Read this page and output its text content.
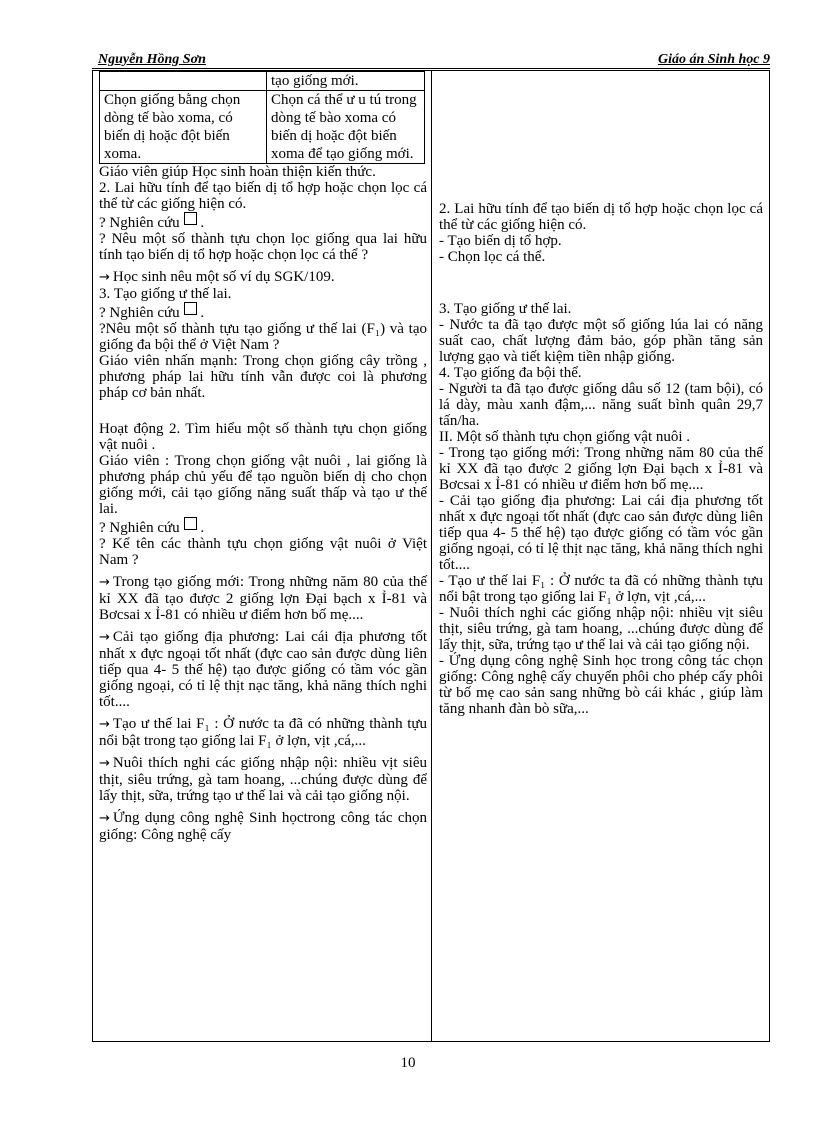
Nguyễn Hồng Sơn	Giáo án Sinh học 9
	tạo giống mới.
Chọn giống bằng chọn dòng tế bào xoma, có biến dị hoặc đột biến xoma.	Chọn cá thể ư u tú trong dòng tế bào xoma có biến dị hoặc đột biến xoma để tạo giống mới.

Giáo viên giúp Học sinh hoàn thiện kiến thức.

2. Lai hữu tính để tạo biến dị tổ hợp hoặc chọn lọc cá thể từ các giống hiện có.

? Nghiên cứu .

? Nêu một số thành tựu chọn lọc giống qua lai hữu tính tạo biến dị tổ hợp hoặc chọn lọc cá thể ?

→ Học sinh nêu một số ví dụ SGK/109.

3. Tạo giống ư thế lai.

? Nghiên cứu .

?Nêu một số thành tựu tạo giống ư thế lai (F₁) và tạo giống đa bội thể ở Việt Nam ?

Giáo viên nhấn mạnh: Trong chọn giống cây trồng , phương pháp lai hữu tính vẫn được coi là phương pháp cơ bản nhất.

Hoạt động 2. Tìm hiểu một số thành tựu chọn giống vật nuôi .

Giáo viên : Trong chọn giống vật nuôi , lai giống là phương pháp chủ yếu để tạo nguồn biến dị cho chọn giống mới, cải tạo giống năng suất thấp và tạo ư thế lai.

? Nghiên cứu .

? Kể tên các thành tựu chọn giống vật nuôi ở Việt Nam ?

→ Trong tạo giống mới: Trong những năm 80 của thế kỉ XX đã tạo được 2 giống lợn Đại bạch x Ỉ-81 và Bơcsai x Ỉ-81 có nhiều ư điểm hơn bố mẹ....

→ Cải tạo giống địa phương: Lai cái địa phương tốt nhất x đực ngoại tốt nhất (đực cao sản được dùng liên tiếp qua 4- 5 thế hệ) tạo được giống có tầm vóc gần giống ngoại, có tỉ lệ thịt nạc tăng, khả năng thích nghi tốt....

→ Tạo ư thế lai F₁ : Ở nước ta đã có những thành tựu nổi bật trong tạo giống lai F₁ ở lợn, vịt ,cá,...

→ Nuôi thích nghi các giống nhập nội: nhiều vịt siêu thịt, siêu trứng, gà tam hoang, ...chúng được dùng để lấy thịt, sữa, trứng tạo ư thế lai và cải tạo giống nội.

→ Ứng dụng công nghệ Sinh họctrong công tác chọn giống: Công nghệ cấy

2. Lai hữu tính để tạo biến dị tổ hợp hoặc chọn lọc cá thể từ các giống hiện có.

- Tạo biến dị tổ hợp.

- Chọn lọc cá thể.

3. Tạo giống ư thế lai.

- Nước ta đã tạo được một số giống lúa lai có năng suất cao, chất lượng đảm bảo, góp phần tăng sản lượng gạo và tiết kiệm tiền nhập giống.

4. Tạo giống đa bội thể.

- Người ta đã tạo được giống dâu số 12 (tam bội), có lá dày, màu xanh đậm,... năng suất bình quân 29,7 tấn/ha.

II. Một số thành tựu chọn giống vật nuôi .

- Trong tạo giống mới: Trong những năm 80 của thế kỉ XX đã tạo được 2 giống lợn Đại bạch x Ỉ-81 và Bơcsai x Ỉ-81 có nhiều ư điểm hơn bố mẹ....

- Cải tạo giống địa phương: Lai cái địa phương tốt nhất x đực ngoại tốt nhất (đực cao sản được dùng liên tiếp qua 4- 5 thế hệ) tạo được giống có tầm vóc gần giống ngoại, có tỉ lệ thịt nạc tăng, khả năng thích nghi tốt....

- Tạo ư thế lai F₁ : Ở nước ta đã có những thành tựu nổi bật trong tạo giống lai F₁ ở lợn, vịt ,cá,...

- Nuôi thích nghi các giống nhập nội: nhiều vịt siêu thịt, siêu trứng, gà tam hoang, ...chúng được dùng để lấy thịt, sữa, trứng tạo ư thế lai và cải tạo giống nội.

- Ứng dụng công nghệ Sinh học trong công tác chọn giống: Công nghệ cấy chuyển phôi cho phép cấy phôi từ bố mẹ cao sản sang những bò cái khác , giúp làm tăng nhanh đàn bò sữa,...

10
